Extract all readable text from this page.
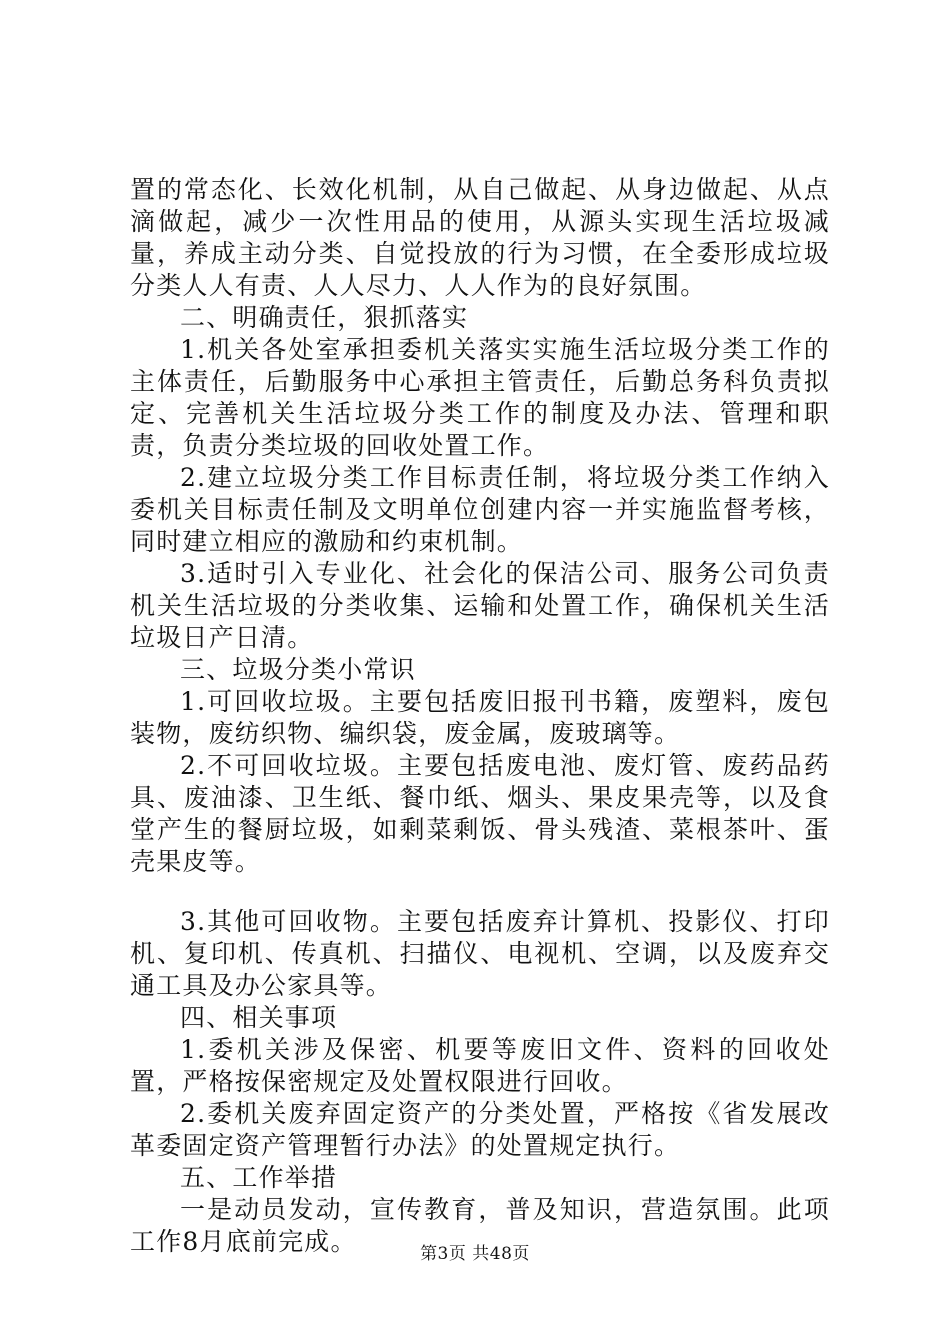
置的常态化、长效化机制，从自己做起、从身边做起、从点滴做起，减少一次性用品的使用，从源头实现生活垃圾减量，养成主动分类、自觉投放的行为习惯，在全委形成垃圾分类人人有责、人人尽力、人人作为的良好氛围。

二、明确责任，狠抓落实

1.机关各处室承担委机关落实实施生活垃圾分类工作的主体责任，后勤服务中心承担主管责任，后勤总务科负责拟定、完善机关生活垃圾分类工作的制度及办法、管理和职责，负责分类垃圾的回收处置工作。

2.建立垃圾分类工作目标责任制，将垃圾分类工作纳入委机关目标责任制及文明单位创建内容一并实施监督考核，同时建立相应的激励和约束机制。

3.适时引入专业化、社会化的保洁公司、服务公司负责机关生活垃圾的分类收集、运输和处置工作，确保机关生活垃圾日产日清。

三、垃圾分类小常识

1.可回收垃圾。主要包括废旧报刊书籍，废塑料，废包装物，废纺织物、编织袋，废金属，废玻璃等。

2.不可回收垃圾。主要包括废电池、废灯管、废药品药具、废油漆、卫生纸、餐巾纸、烟头、果皮果壳等，以及食堂产生的餐厨垃圾，如剩菜剩饭、骨头残渣、菜根茶叶、蛋壳果皮等。

3.其他可回收物。主要包括废弃计算机、投影仪、打印机、复印机、传真机、扫描仪、电视机、空调，以及废弃交通工具及办公家具等。

四、相关事项

1.委机关涉及保密、机要等废旧文件、资料的回收处置，严格按保密规定及处置权限进行回收。

2.委机关废弃固定资产的分类处置，严格按《省发展改革委固定资产管理暂行办法》的处置规定执行。

五、工作举措

一是动员发动，宣传教育，普及知识，营造氛围。此项工作8月底前完成。	第3页 共48页
